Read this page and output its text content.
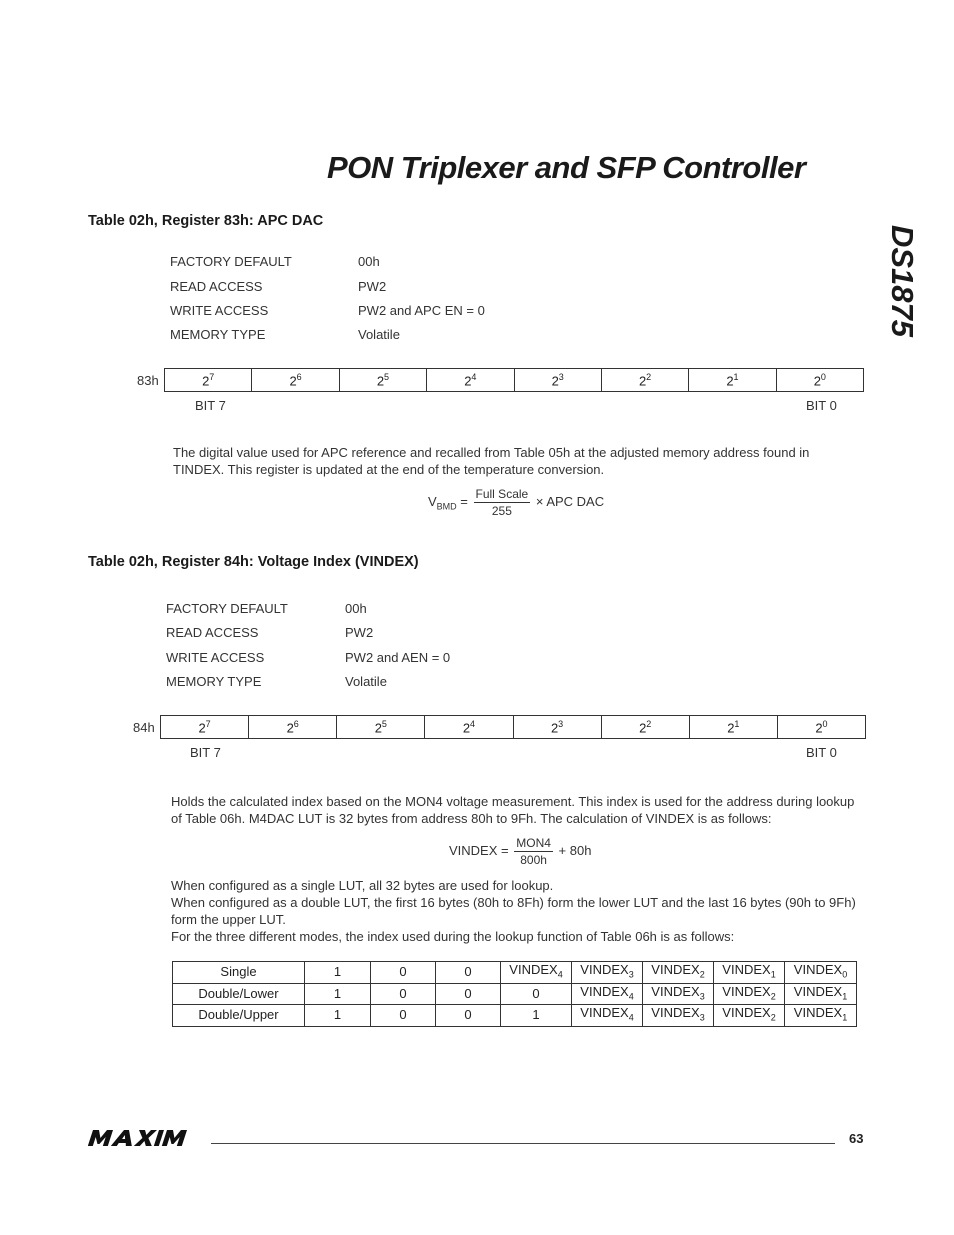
PON Triplexer and SFP Controller
DS1875
Table 02h, Register 83h: APC DAC
FACTORY DEFAULT	00h
READ ACCESS	PW2
WRITE ACCESS	PW2 and APC EN = 0
MEMORY TYPE	Volatile
83h	$2^7$	$2^6$	$2^5$	$2^4$	$2^3$	$2^2$	$2^1$	$2^0$
BIT 7	BIT 0
The digital value used for APC reference and recalled from Table 05h at the adjusted memory address found in TINDEX. This register is updated at the end of the temperature conversion.
$V_{BMD} = \frac{\text{Full Scale}}{255}$ × APC DAC
Table 02h, Register 84h: Voltage Index (VINDEX)
FACTORY DEFAULT	00h
READ ACCESS	PW2
WRITE ACCESS	PW2 and AEN = 0
MEMORY TYPE	Volatile
84h	$2^7$	$2^6$	$2^5$	$2^4$	$2^3$	$2^2$	$2^1$	$2^0$
BIT 7	BIT 0
Holds the calculated index based on the MON4 voltage measurement. This index is used for the address during lookup of Table 06h. M4DAC LUT is 32 bytes from address 80h to 9Fh. The calculation of VINDEX is as follows:
VINDEX = $\frac{\text{MON4}}{800h} + 80h$
When configured as a single LUT, all 32 bytes are used for lookup.
When configured as a double LUT, the first 16 bytes (80h to 8Fh) form the lower LUT and the last 16 bytes (90h to 9Fh) form the upper LUT.
For the three different modes, the index used during the lookup function of Table 06h is as follows:
Single	1	0	0	$VINDEX_4$	$VINDEX_3$	$VINDEX_2$	$VINDEX_1$	$VINDEX_0$
Double/Lower	1	0	0	0	$VINDEX_4$	$VINDEX_3$	$VINDEX_2$	$VINDEX_1$
Double/Upper	1	0	0	1	$VINDEX_4$	$VINDEX_3$	$VINDEX_2$	$VINDEX_1$
63
